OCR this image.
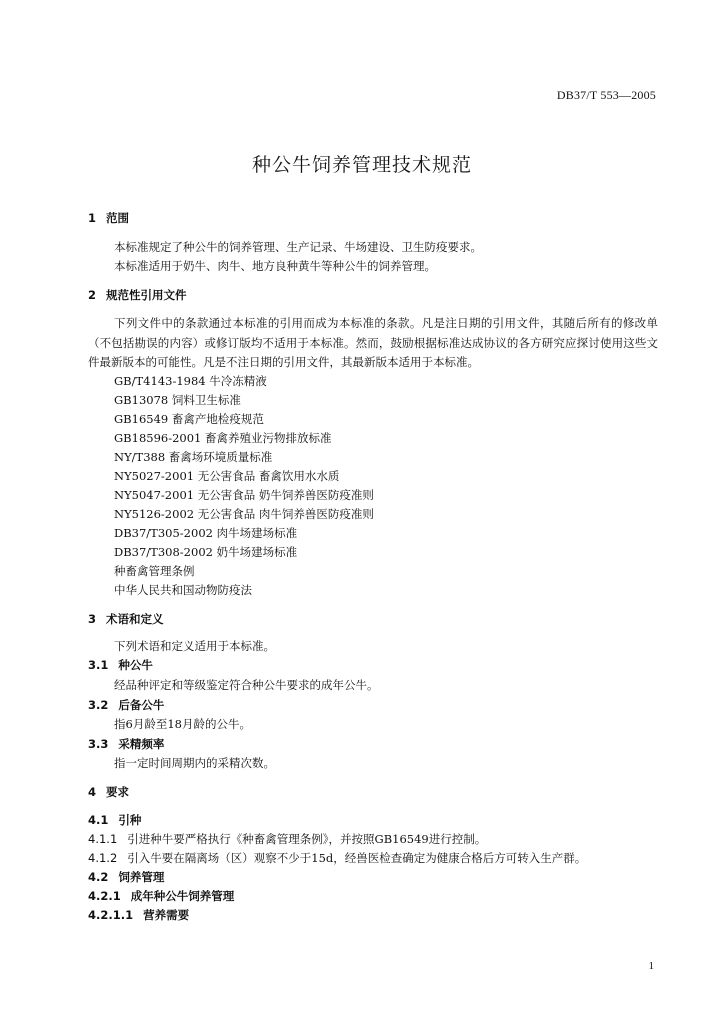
DB37/T 553—2005
种公牛饲养管理技术规范
1 范围
本标准规定了种公牛的饲养管理、生产记录、牛场建设、卫生防疫要求。
本标准适用于奶牛、肉牛、地方良种黄牛等种公牛的饲养管理。
2 规范性引用文件
下列文件中的条款通过本标准的引用而成为本标准的条款。凡是注日期的引用文件，其随后所有的修改单（不包括勘误的内容）或修订版均不适用于本标准。然而，鼓励根据标准达成协议的各方研究应探讨使用这些文件最新版本的可能性。凡是不注日期的引用文件，其最新版本适用于本标准。
GB/T4143-1984 牛冷冻精液
GB13078 饲料卫生标准
GB16549 畜禽产地检疫规范
GB18596-2001 畜禽养殖业污物排放标准
NY/T388 畜禽场环境质量标准
NY5027-2001 无公害食品 畜禽饮用水水质
NY5047-2001 无公害食品 奶牛饲养兽医防疫准则
NY5126-2002 无公害食品 肉牛饲养兽医防疫准则
DB37/T305-2002 肉牛场建场标准
DB37/T308-2002 奶牛场建场标准
种畜禽管理条例
中华人民共和国动物防疫法
3 术语和定义
下列术语和定义适用于本标准。
3.1 种公牛
经品种评定和等级鉴定符合种公牛要求的成年公牛。
3.2 后备公牛
指6月龄至18月龄的公牛。
3.3 采精频率
指一定时间周期内的采精次数。
4 要求
4.1 引种
4.1.1 引进种牛要严格执行《种畜禽管理条例》，并按照GB16549进行控制。
4.1.2 引入牛要在隔离场（区）观察不少于15d，经兽医检查确定为健康合格后方可转入生产群。
4.2 饲养管理
4.2.1 成年种公牛饲养管理
4.2.1.1 营养需要
1
